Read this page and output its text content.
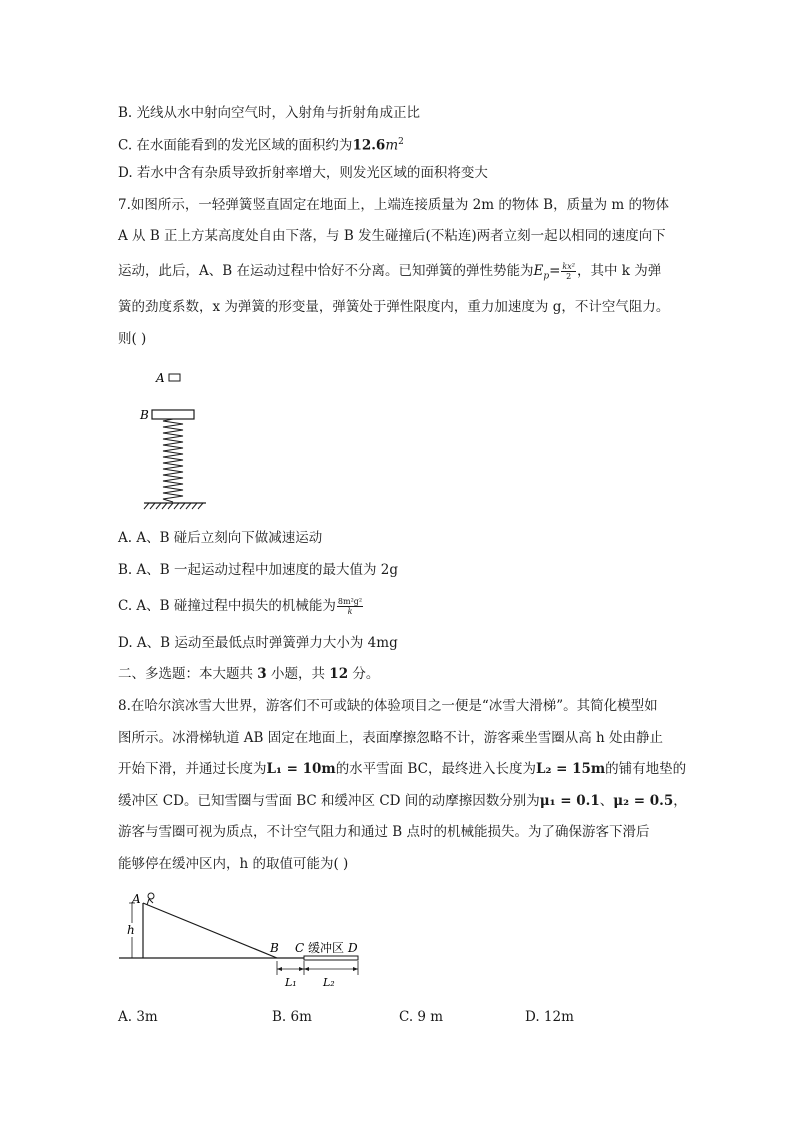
B. 光线从水中射向空气时，入射角与折射角成正比
C. 在水面能看到的发光区域的面积约为$12.6m^2$
D. 若水中含有杂质导致折射率增大，则发光区域的面积将变大
7.如图所示，一轻弹簧竖直固定在地面上，上端连接质量为 2m 的物体 B，质量为 m 的物体
A 从 B 正上方某高度处自由下落，与 B 发生碰撞后(不粘连)两者立刻一起以相同的速度向下
运动，此后，A、B 在运动过程中恰好不分离。已知弹簧的弹性势能为$E_p= \frac{\text{kx²}}{2}$ ，其中 k 为弹
簧的劲度系数，x 为弹簧的形变量，弹簧处于弹性限度内，重力加速度为 g，不计空气阻力。
则( )
A
B
A. A、B 碰后立刻向下做减速运动
B. A、B 一起运动过程中加速度的最大值为 2g
C. A、B 碰撞过程中损失的机械能为 $\frac{\text{8m²g²}}{k}$
D. A、B 运动至最低点时弹簧弹力大小为 4mg
二、多选题：本大题共 3 小题，共 12 分。
8.在哈尔滨冰雪大世界，游客们不可或缺的体验项目之一便是“冰雪大滑梯”。其简化模型如
图所示。冰滑梯轨道 AB 固定在地面上，表面摩擦忽略不计，游客乘坐雪圈从高 h 处由静止
开始下滑，并通过长度为L₁ = 10m的水平雪面 BC，最终进入长度为L₂ = 15m的铺有地垫的
缓冲区 CD。已知雪圈与雪面 BC 和缓冲区 CD 间的动摩擦因数分别为μ₁ = 0.1、μ₂ = 0.5，
游客与雪圈可视为质点，不计空气阻力和通过 B 点时的机械能损失。为了确保游客下滑后
能够停在缓冲区内，h 的取值可能为( )
A
h
B C 缓冲区 D
L₁ L₂
A. 3m	B. 6m	C. 9 m	D. 12m
